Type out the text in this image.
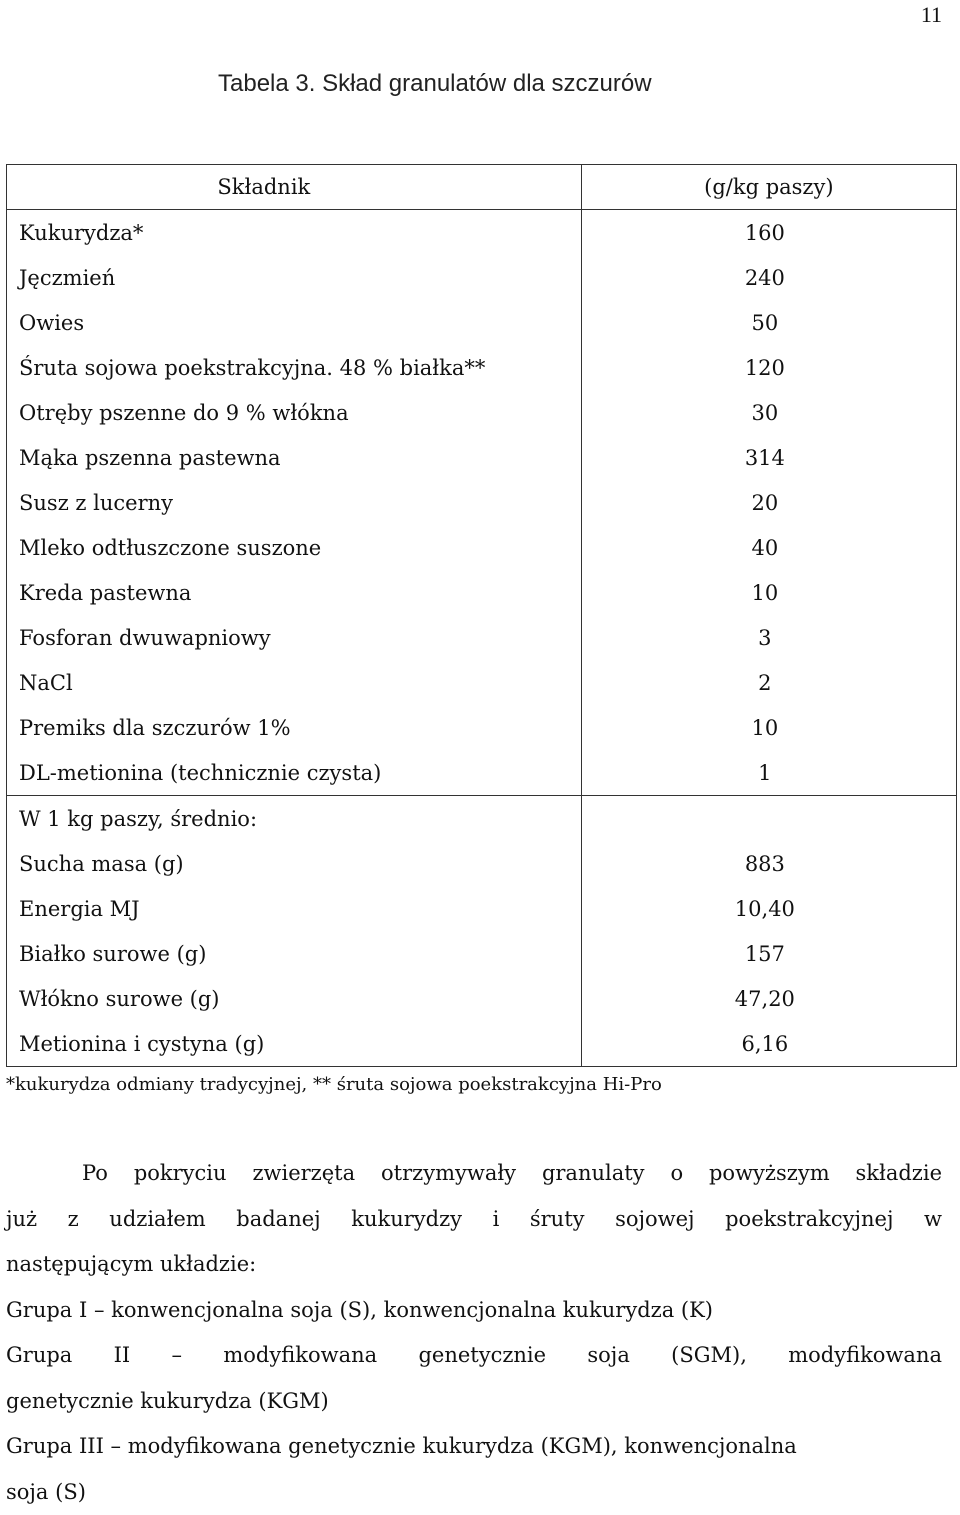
11
Tabela 3. Skład granulatów dla szczurów
Składnik	(g/kg paszy)
Kukurydza*	160
Jęczmień	240
Owies	50
Śruta sojowa poekstrakcyjna. 48 % białka**	120
Otręby pszenne do 9 % włókna	30
Mąka pszenna pastewna	314
Susz z lucerny	20
Mleko odtłuszczone suszone	40
Kreda pastewna	10
Fosforan dwuwapniowy	3
NaCl	2
Premiks dla szczurów 1%	10
DL-metionina (technicznie czysta)	1
W 1 kg paszy, średnio:	
Sucha masa (g)	883
Energia MJ	10,40
Białko surowe (g)	157
Włókno surowe (g)	47,20
Metionina i cystyna (g)	6,16
*kukurydza odmiany tradycyjnej, ** śruta sojowa poekstrakcyjna Hi-Pro

Po pokryciu zwierzęta otrzymywały granulaty o powyższym składzie

już z udziałem badanej kukurydzy i śruty sojowej poekstrakcyjnej w

następującym układzie:

Grupa I – konwencjonalna soja (S), konwencjonalna kukurydza (K)

Grupa II – modyfikowana genetycznie soja (SGM), modyfikowana

genetycznie kukurydza (KGM)

Grupa III – modyfikowana genetycznie kukurydza (KGM), konwencjonalna

soja (S)
